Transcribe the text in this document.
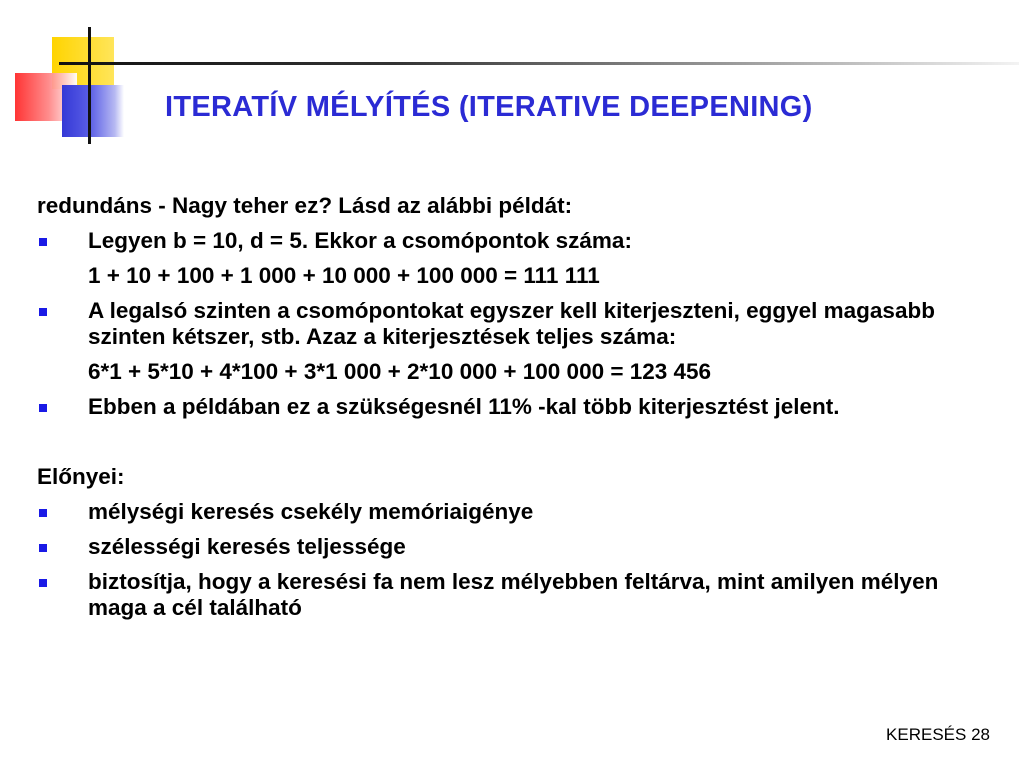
ITERATÍV MÉLYÍTÉS (ITERATIVE DEEPENING)

redundáns - Nagy teher ez? Lásd az alábbi példát:

Legyen b = 10, d = 5. Ekkor a csomópontok száma:
1 + 10 + 100 + 1 000 + 10 000 + 100 000 = 111 111
A legalsó szinten a csomópontokat egyszer kell kiterjeszteni, eggyel magasabb szinten kétszer, stb. Azaz a kiterjesztések teljes száma:
6*1 + 5*10 + 4*100 + 3*1 000 + 2*10 000 + 100 000 = 123 456
Ebben a példában ez a szükségesnél 11% -kal több kiterjesztést jelent.

Előnyei:

mélységi keresés csekély memóriaigénye
szélességi keresés teljessége
biztosítja, hogy a keresési fa nem lesz mélyebben feltárva, mint amilyen mélyen maga a cél található
KERESÉS 28
